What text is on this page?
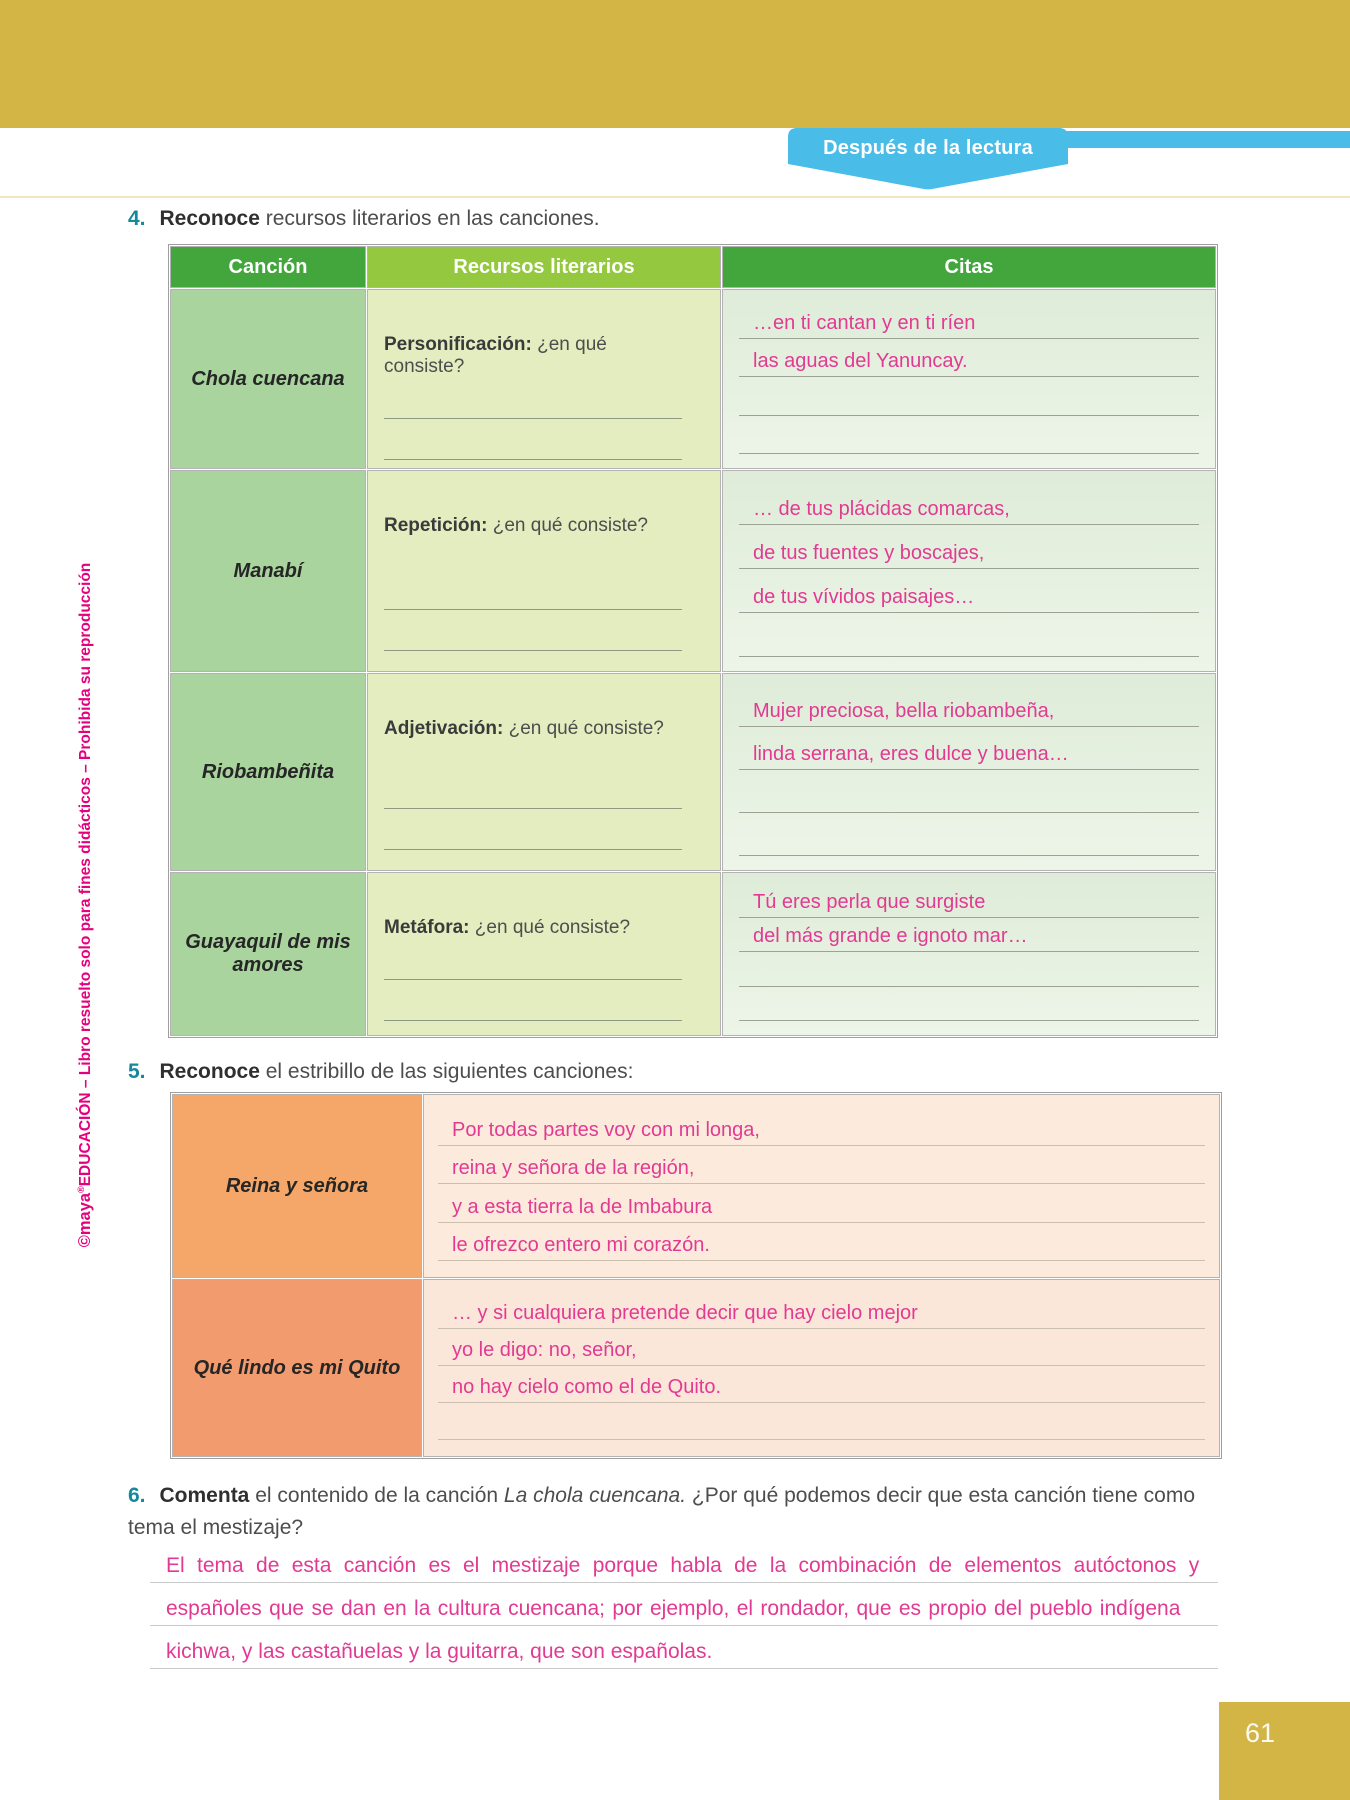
Después de la lectura
©maya®EDUCACIÓN – Libro resuelto solo para fines didácticos – Prohibida su reproducción
4. Reconoce recursos literarios en las canciones.
Canción	Recursos literarios	Citas
Chola cuencana
Personificación: ¿en qué consiste?
…en ti cantan y en ti ríen
las aguas del Yanuncay.
Manabí
Repetición: ¿en qué consiste?
… de tus plácidas comarcas,
de tus fuentes y boscajes,
de tus vívidos paisajes…
Riobambeñita
Adjetivación: ¿en qué consiste?
Mujer preciosa, bella riobambeña,
linda serrana, eres dulce y buena…
Guayaquil de mis amores
Metáfora: ¿en qué consiste?
Tú eres perla que surgiste
del más grande e ignoto mar…
5. Reconoce el estribillo de las siguientes canciones:
Reina y señora
Por todas partes voy con mi longa,
reina y señora de la región,
y a esta tierra la de Imbabura
le ofrezco entero mi corazón.
Qué lindo es mi Quito
… y si cualquiera pretende decir que hay cielo mejor
yo le digo: no, señor,
no hay cielo como el de Quito.
6. Comenta el contenido de la canción La chola cuencana. ¿Por qué podemos decir que esta canción tiene como tema el mestizaje?
El tema de esta canción es el mestizaje porque habla de la combinación de elementos autóctonos y
españoles que se dan en la cultura cuencana; por ejemplo, el rondador, que es propio del pueblo indígena
kichwa, y las castañuelas y la guitarra, que son españolas.
61
